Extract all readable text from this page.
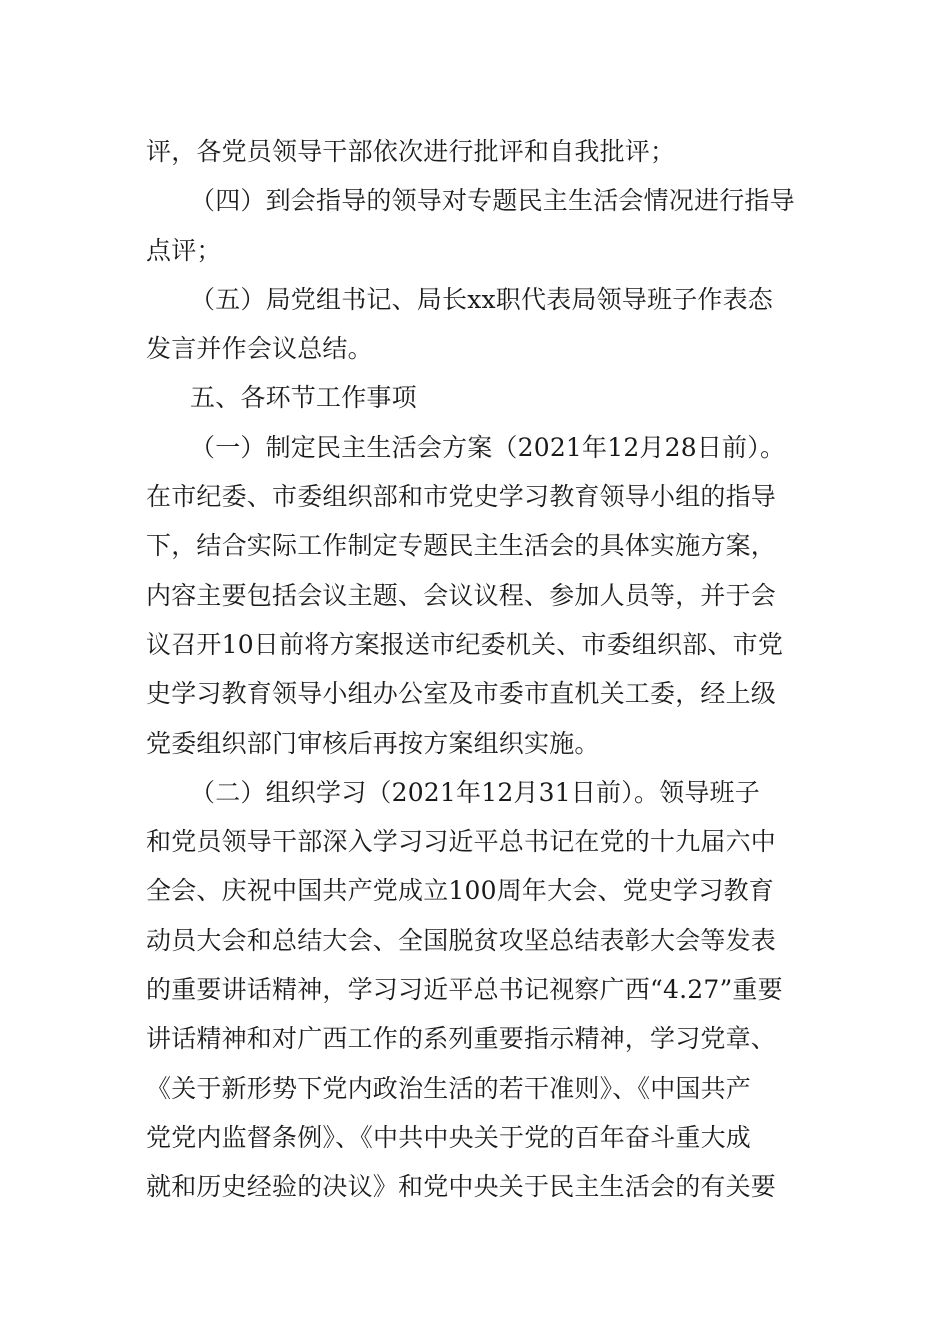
评，各党员领导干部依次进行批评和自我批评；
（四）到会指导的领导对专题民主生活会情况进行指导
点评；
（五）局党组书记、局长xx职代表局领导班子作表态
发言并作会议总结。
五、各环节工作事项
（一）制定民主生活会方案（2021年12月28日前）。
在市纪委、市委组织部和市党史学习教育领导小组的指导
下，结合实际工作制定专题民主生活会的具体实施方案，
内容主要包括会议主题、会议议程、参加人员等，并于会
议召开10日前将方案报送市纪委机关、市委组织部、市党
史学习教育领导小组办公室及市委市直机关工委，经上级
党委组织部门审核后再按方案组织实施。
（二）组织学习（2021年12月31日前）。领导班子
和党员领导干部深入学习习近平总书记在党的十九届六中
全会、庆祝中国共产党成立100周年大会、党史学习教育
动员大会和总结大会、全国脱贫攻坚总结表彰大会等发表
的重要讲话精神，学习习近平总书记视察广西“4.27”重要
讲话精神和对广西工作的系列重要指示精神，学习党章、
《关于新形势下党内政治生活的若干准则》、《中国共产
党党内监督条例》、《中共中央关于党的百年奋斗重大成
就和历史经验的决议》和党中央关于民主生活会的有关要
